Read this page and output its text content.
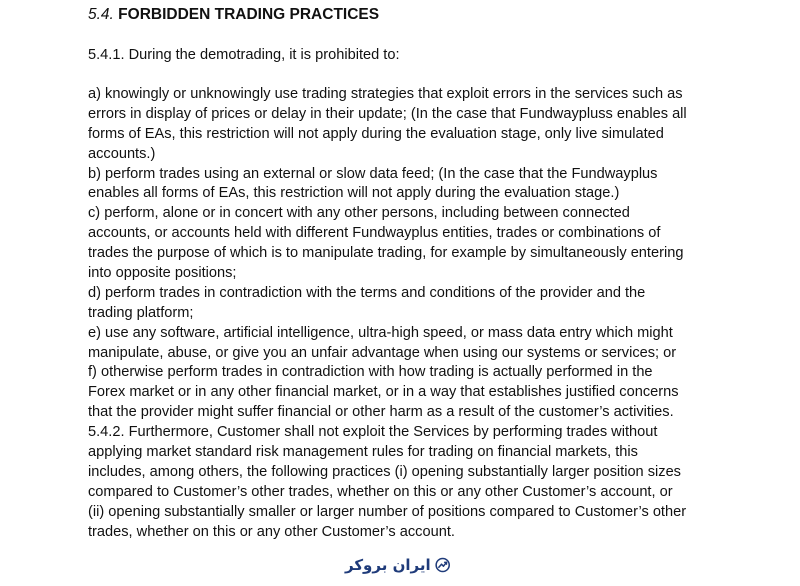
5.4. FORBIDDEN TRADING PRACTICES
5.4.1. During the demotrading, it is prohibited to:
a) knowingly or unknowingly use trading strategies that exploit errors in the services such as
errors in display of prices or delay in their update; (In the case that Fundwaypluss enables all
forms of EAs, this restriction will not apply during the evaluation stage, only live simulated
accounts.)
b) perform trades using an external or slow data feed; (In the case that the Fundwayplus
enables all forms of EAs, this restriction will not apply during the evaluation stage.)
c) perform, alone or in concert with any other persons, including between connected
accounts, or accounts held with different Fundwayplus entities, trades or combinations of
trades the purpose of which is to manipulate trading, for example by simultaneously entering
into opposite positions;
d) perform trades in contradiction with the terms and conditions of the provider and the
trading platform;
e) use any software, artificial intelligence, ultra-high speed, or mass data entry which might
manipulate, abuse, or give you an unfair advantage when using our systems or services; or
f) otherwise perform trades in contradiction with how trading is actually performed in the
Forex market or in any other financial market, or in a way that establishes justified concerns
that the provider might suffer financial or other harm as a result of the customer’s activities.
5.4.2. Furthermore, Customer shall not exploit the Services by performing trades without
applying market standard risk management rules for trading on financial markets, this
includes, among others, the following practices (i) opening substantially larger position sizes
compared to Customer’s other trades, whether on this or any other Customer’s account, or
(ii) opening substantially smaller or larger number of positions compared to Customer’s other
trades, whether on this or any other Customer’s account.
ایران بروکر
